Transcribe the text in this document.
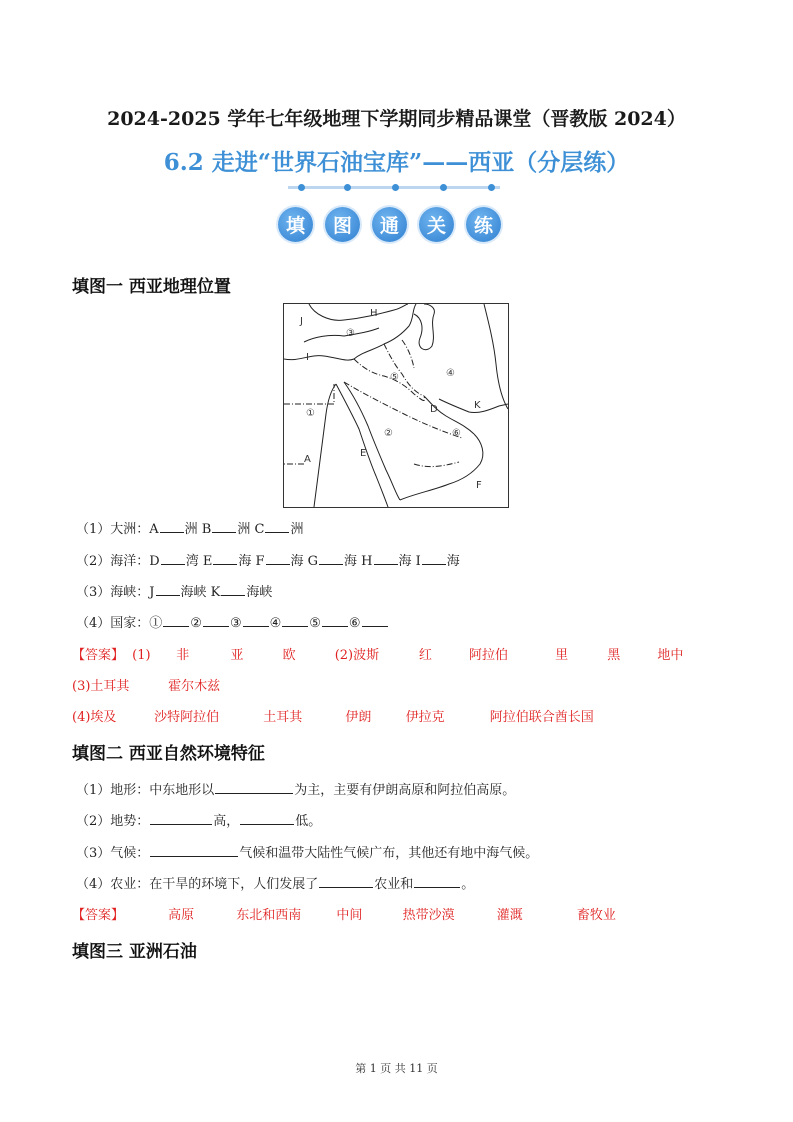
2024-2025 学年七年级地理下学期同步精品课堂（晋教版 2024）
6.2 走进“世界石油宝库”——西亚（分层练）
填	图	通	关	练
填图一 西亚地理位置
H
J
I
③
⑤	④
①	D	K
②	⑥
A
E
F
（1）大洲：A 洲 B 洲 C 洲
（2）海洋：D 湾 E 海 F 海 G 海 H 海 I 海
（3）海峡：J 海峡 K 海峡
（4）国家：① ② ③ ④ ⑤ ⑥
【答案】 (1) 非	亚	欧	(2)波斯	红	阿拉伯	里	黑	地中
(3)土耳其	霍尔木兹
(4)埃及	沙特阿拉伯	土耳其	伊朗	伊拉克	阿拉伯联合酋长国
填图二 西亚自然环境特征
（1）地形：中东地形以	为主，主要有伊朗高原和阿拉伯高原。
（2）地势：	高，	低。
（3）气候：	气候和温带大陆性气候广布，其他还有地中海气候。
（4）农业：在干旱的环境下，人们发展了	农业和	。
【答案】	高原	东北和西南	中间	热带沙漠	灌溉	畜牧业
填图三 亚洲石油
第 1 页 共 11 页
